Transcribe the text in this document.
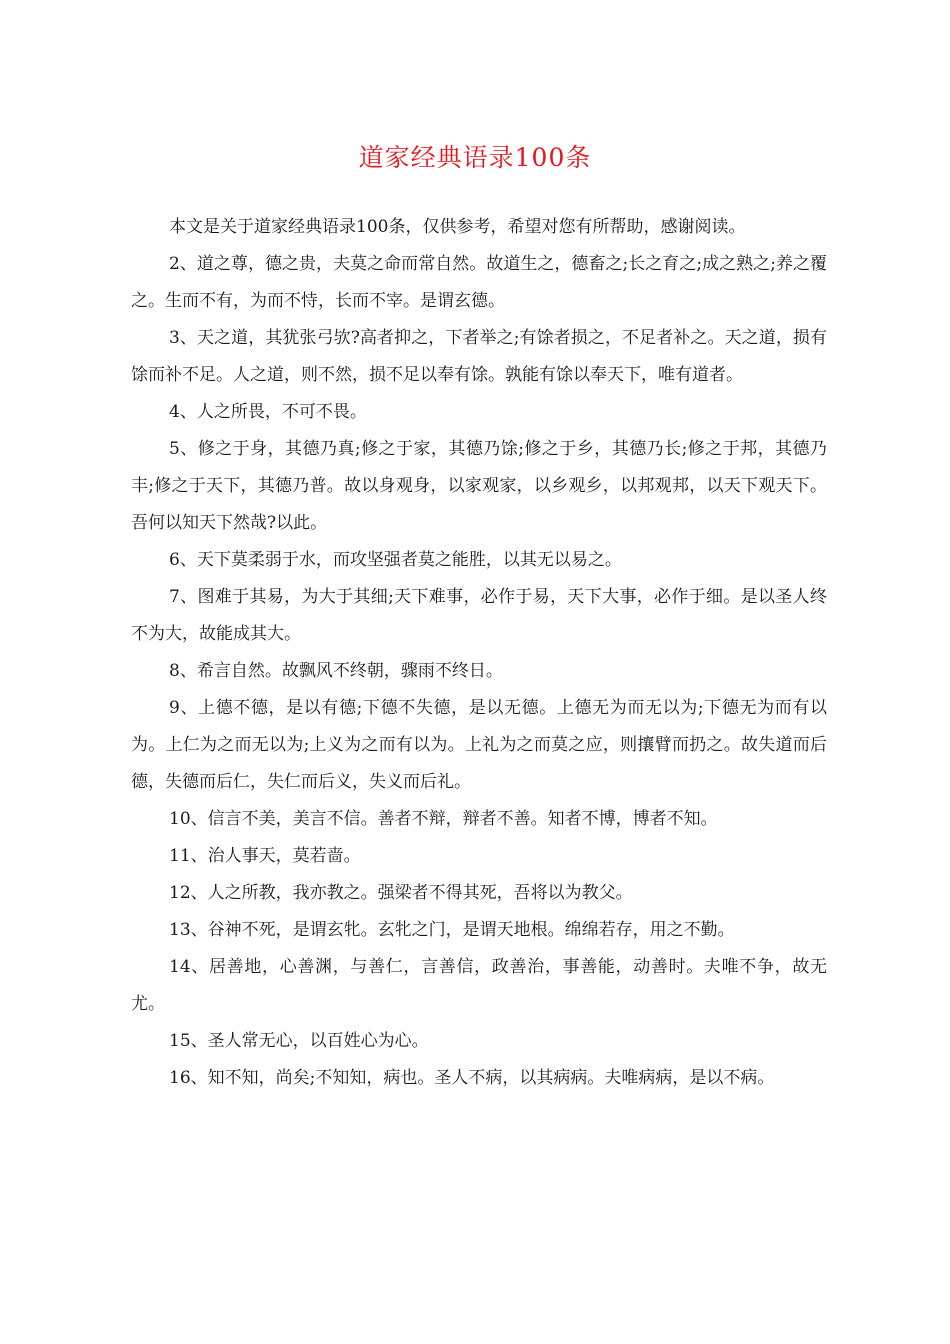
道家经典语录100条

本文是关于道家经典语录100条，仅供参考，希望对您有所帮助，感谢阅读。

2、道之尊，德之贵，夫莫之命而常自然。故道生之，德畜之;长之育之;成之熟之;养之覆之。生而不有，为而不恃，长而不宰。是谓玄德。

3、天之道，其犹张弓欤?高者抑之，下者举之;有馀者损之，不足者补之。天之道，损有馀而补不足。人之道，则不然，损不足以奉有馀。孰能有馀以奉天下，唯有道者。

4、人之所畏，不可不畏。

5、修之于身，其德乃真;修之于家，其德乃馀;修之于乡，其德乃长;修之于邦，其德乃丰;修之于天下，其德乃普。故以身观身，以家观家，以乡观乡，以邦观邦，以天下观天下。吾何以知天下然哉?以此。

6、天下莫柔弱于水，而攻坚强者莫之能胜，以其无以易之。

7、图难于其易，为大于其细;天下难事，必作于易，天下大事，必作于细。是以圣人终不为大，故能成其大。

8、希言自然。故飘风不终朝，骤雨不终日。

9、上德不德，是以有德;下德不失德，是以无德。上德无为而无以为;下德无为而有以为。上仁为之而无以为;上义为之而有以为。上礼为之而莫之应，则攘臂而扔之。故失道而后德，失德而后仁，失仁而后义，失义而后礼。

10、信言不美，美言不信。善者不辩，辩者不善。知者不博，博者不知。

11、治人事天，莫若啬。

12、人之所教，我亦教之。强梁者不得其死，吾将以为教父。

13、谷神不死，是谓玄牝。玄牝之门，是谓天地根。绵绵若存，用之不勤。

14、居善地，心善渊，与善仁，言善信，政善治，事善能，动善时。夫唯不争，故无尤。

15、圣人常无心，以百姓心为心。

16、知不知，尚矣;不知知，病也。圣人不病，以其病病。夫唯病病，是以不病。
